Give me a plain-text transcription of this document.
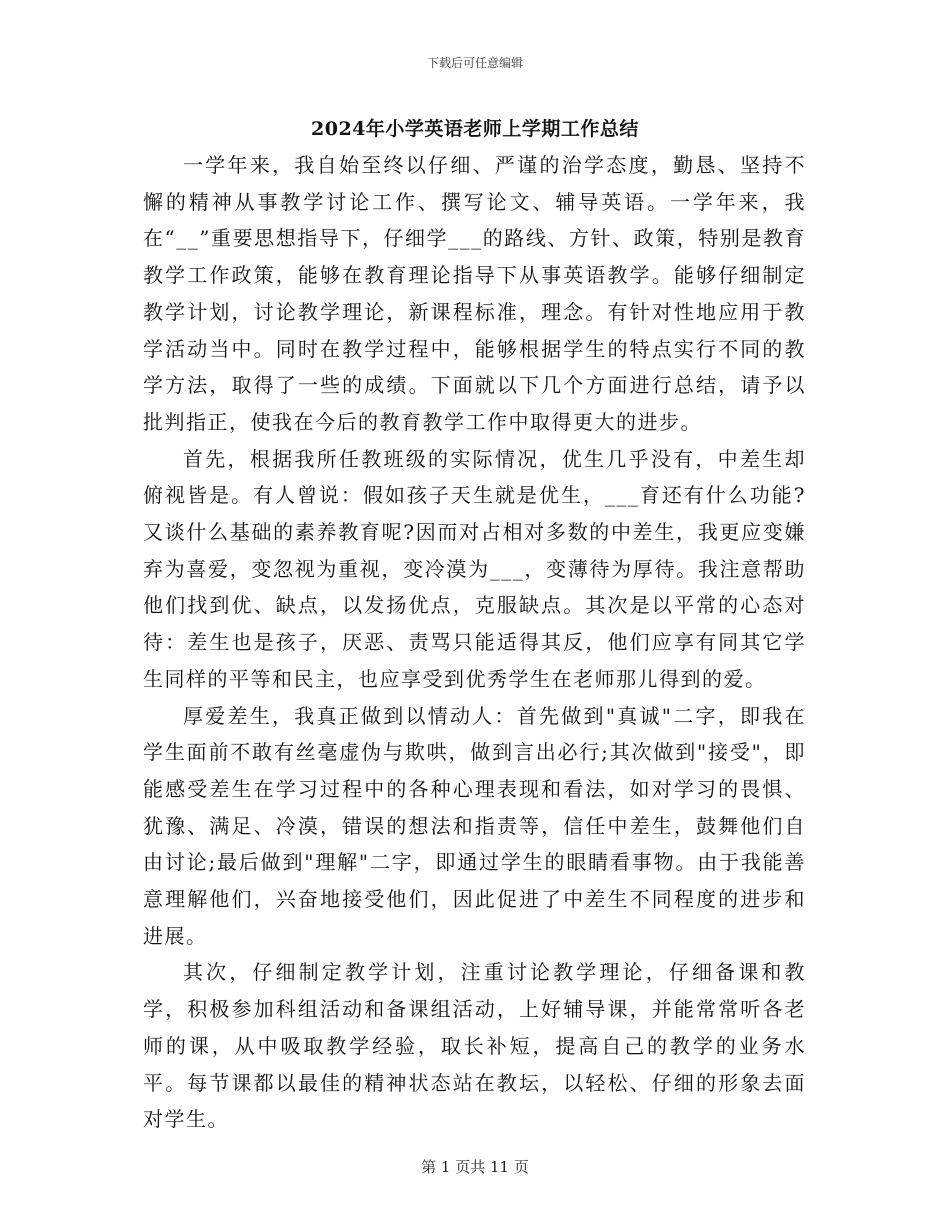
下载后可任意编辑
2024年小学英语老师上学期工作总结

一学年来，我自始至终以仔细、严谨的治学态度，勤恳、坚持不懈的精神从事教学讨论工作、撰写论文、辅导英语。一学年来，我在“__”重要思想指导下，仔细学___的路线、方针、政策，特别是教育教学工作政策，能够在教育理论指导下从事英语教学。能够仔细制定教学计划，讨论教学理论，新课程标准，理念。有针对性地应用于教学活动当中。同时在教学过程中，能够根据学生的特点实行不同的教学方法，取得了一些的成绩。下面就以下几个方面进行总结，请予以批判指正，使我在今后的教育教学工作中取得更大的进步。

首先，根据我所任教班级的实际情况，优生几乎没有，中差生却俯视皆是。有人曾说：假如孩子天生就是优生，___育还有什么功能?又谈什么基础的素养教育呢?因而对占相对多数的中差生，我更应变嫌弃为喜爱，变忽视为重视，变冷漠为___，变薄待为厚待。我注意帮助他们找到优、缺点，以发扬优点，克服缺点。其次是以平常的心态对待：差生也是孩子，厌恶、责骂只能适得其反，他们应享有同其它学生同样的平等和民主，也应享受到优秀学生在老师那儿得到的爱。

厚爱差生，我真正做到以情动人：首先做到"真诚"二字，即我在学生面前不敢有丝毫虚伪与欺哄，做到言出必行;其次做到"接受"，即能感受差生在学习过程中的各种心理表现和看法，如对学习的畏惧、犹豫、满足、冷漠，错误的想法和指责等，信任中差生，鼓舞他们自由讨论;最后做到"理解"二字，即通过学生的眼睛看事物。由于我能善意理解他们，兴奋地接受他们，因此促进了中差生不同程度的进步和进展。

其次，仔细制定教学计划，注重讨论教学理论，仔细备课和教学，积极参加科组活动和备课组活动，上好辅导课，并能常常听各老师的课，从中吸取教学经验，取长补短，提高自己的教学的业务水平。每节课都以最佳的精神状态站在教坛，以轻松、仔细的形象去面对学生。

第 1 页共 11 页
